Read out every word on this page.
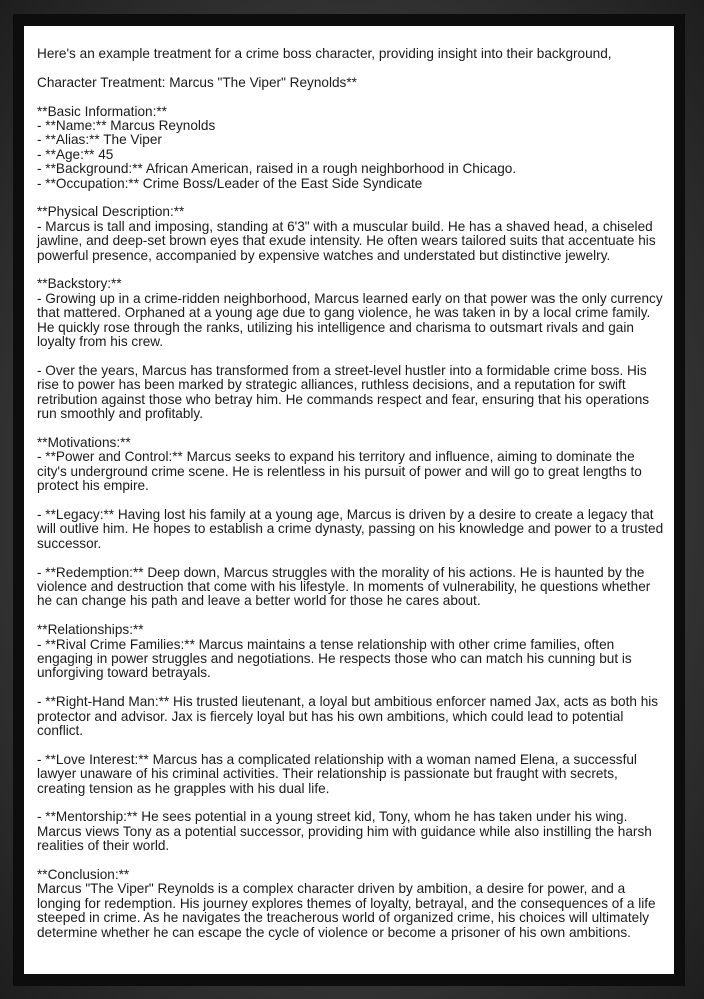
Here's an example treatment for a crime boss character, providing insight into their background,

Character Treatment: Marcus "The Viper" Reynolds**

**Basic Information:**
- **Name:** Marcus Reynolds
- **Alias:** The Viper
- **Age:** 45
- **Background:** African American, raised in a rough neighborhood in Chicago.
- **Occupation:** Crime Boss/Leader of the East Side Syndicate

**Physical Description:**
- Marcus is tall and imposing, standing at 6'3" with a muscular build. He has a shaved head, a chiseled jawline, and deep-set brown eyes that exude intensity. He often wears tailored suits that accentuate his powerful presence, accompanied by expensive watches and understated but distinctive jewelry.

**Backstory:**
- Growing up in a crime-ridden neighborhood, Marcus learned early on that power was the only currency that mattered. Orphaned at a young age due to gang violence, he was taken in by a local crime family. He quickly rose through the ranks, utilizing his intelligence and charisma to outsmart rivals and gain loyalty from his crew.

- Over the years, Marcus has transformed from a street-level hustler into a formidable crime boss. His rise to power has been marked by strategic alliances, ruthless decisions, and a reputation for swift retribution against those who betray him. He commands respect and fear, ensuring that his operations run smoothly and profitably.

**Motivations:**
- **Power and Control:** Marcus seeks to expand his territory and influence, aiming to dominate the city's underground crime scene. He is relentless in his pursuit of power and will go to great lengths to protect his empire.

- **Legacy:** Having lost his family at a young age, Marcus is driven by a desire to create a legacy that will outlive him. He hopes to establish a crime dynasty, passing on his knowledge and power to a trusted successor.

- **Redemption:** Deep down, Marcus struggles with the morality of his actions. He is haunted by the violence and destruction that come with his lifestyle. In moments of vulnerability, he questions whether he can change his path and leave a better world for those he cares about.

**Relationships:**
- **Rival Crime Families:** Marcus maintains a tense relationship with other crime families, often engaging in power struggles and negotiations. He respects those who can match his cunning but is unforgiving toward betrayals.

- **Right-Hand Man:** His trusted lieutenant, a loyal but ambitious enforcer named Jax, acts as both his protector and advisor. Jax is fiercely loyal but has his own ambitions, which could lead to potential conflict.

- **Love Interest:** Marcus has a complicated relationship with a woman named Elena, a successful lawyer unaware of his criminal activities. Their relationship is passionate but fraught with secrets, creating tension as he grapples with his dual life.

- **Mentorship:** He sees potential in a young street kid, Tony, whom he has taken under his wing. Marcus views Tony as a potential successor, providing him with guidance while also instilling the harsh realities of their world.

**Conclusion:**
Marcus "The Viper" Reynolds is a complex character driven by ambition, a desire for power, and a longing for redemption. His journey explores themes of loyalty, betrayal, and the consequences of a life steeped in crime. As he navigates the treacherous world of organized crime, his choices will ultimately determine whether he can escape the cycle of violence or become a prisoner of his own ambitions.
